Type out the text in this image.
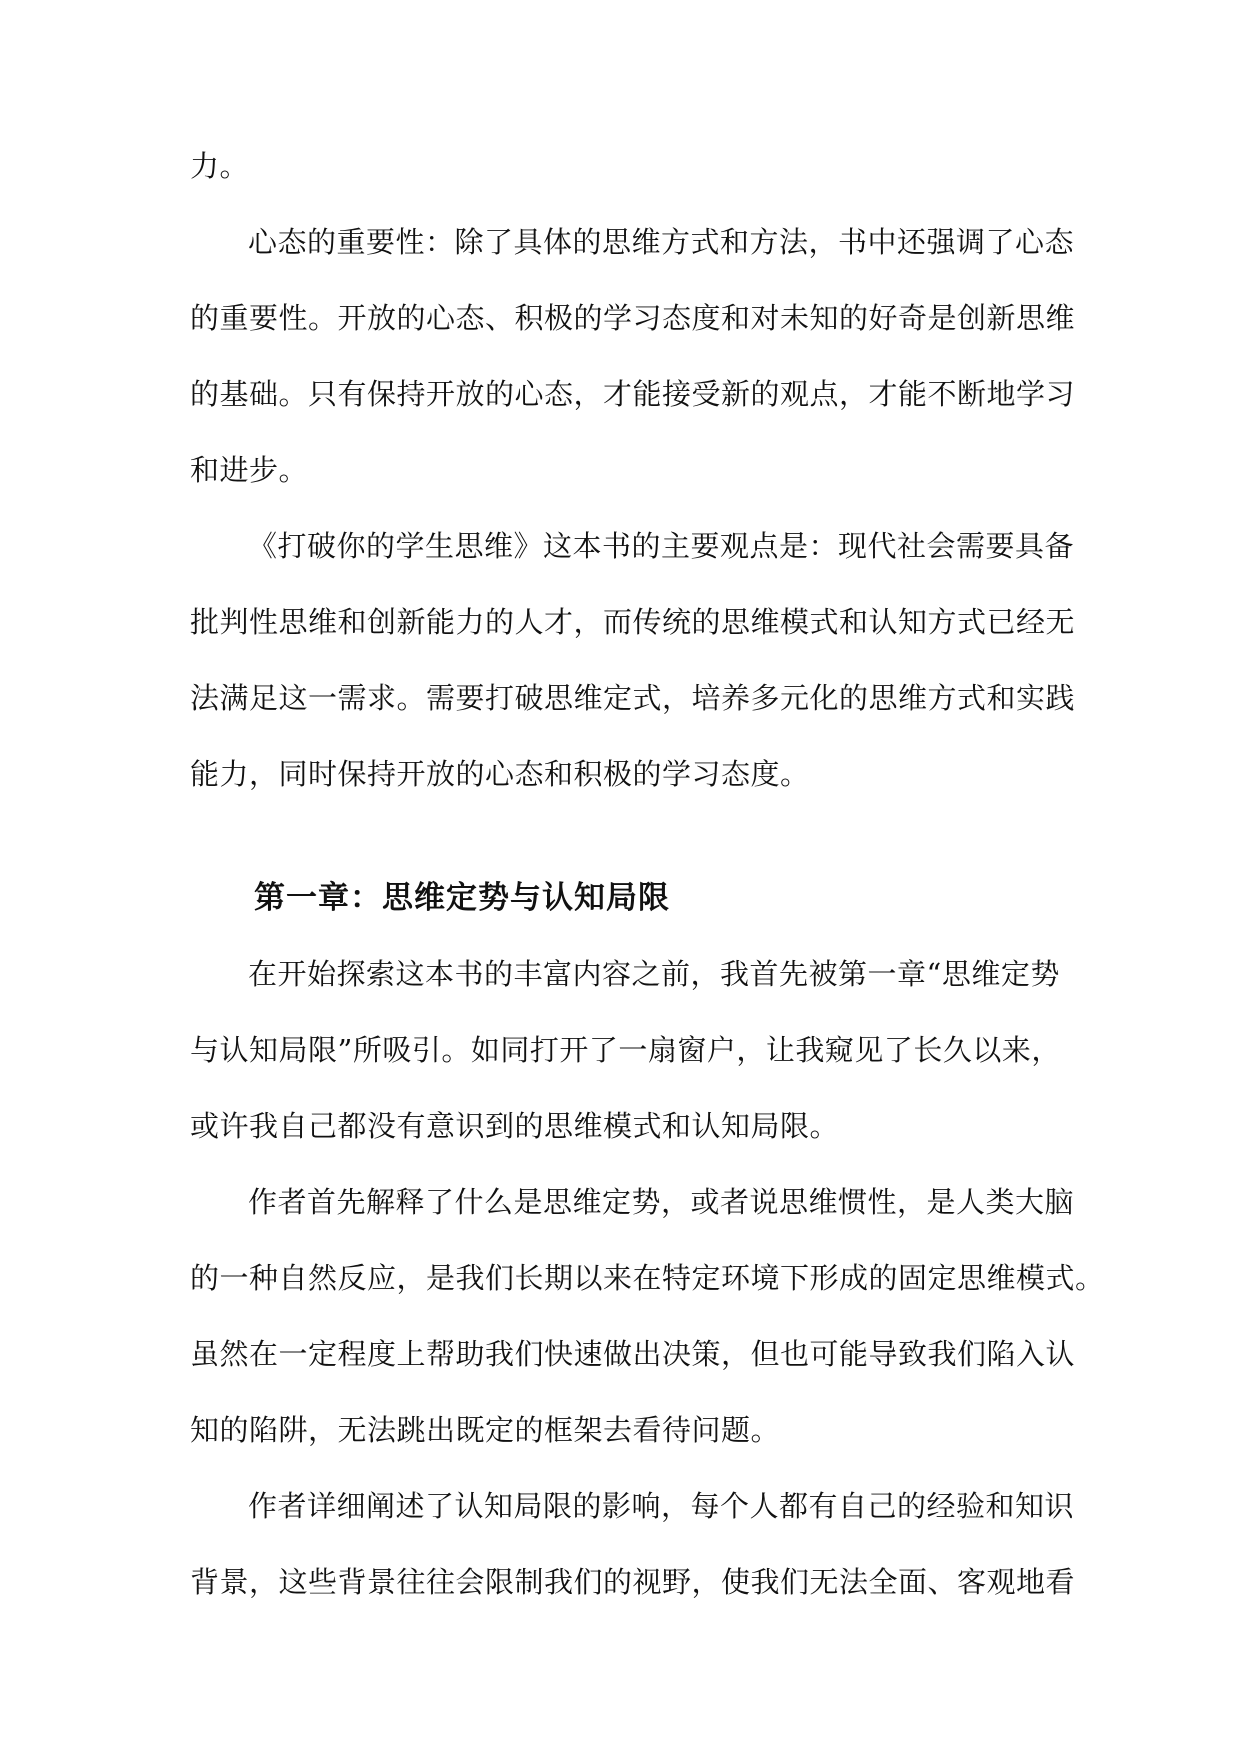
力。
心态的重要性：除了具体的思维方式和方法，书中还强调了心态
的重要性。开放的心态、积极的学习态度和对未知的好奇是创新思维
的基础。只有保持开放的心态，才能接受新的观点，才能不断地学习
和进步。
《打破你的学生思维》这本书的主要观点是：现代社会需要具备
批判性思维和创新能力的人才，而传统的思维模式和认知方式已经无
法满足这一需求。需要打破思维定式，培养多元化的思维方式和实践
能力，同时保持开放的心态和积极的学习态度。
第一章：思维定势与认知局限
在开始探索这本书的丰富内容之前，我首先被第一章“思维定势
与认知局限”所吸引。如同打开了一扇窗户，让我窥见了长久以来，
或许我自己都没有意识到的思维模式和认知局限。
作者首先解释了什么是思维定势，或者说思维惯性，是人类大脑
的一种自然反应，是我们长期以来在特定环境下形成的固定思维模式。
虽然在一定程度上帮助我们快速做出决策，但也可能导致我们陷入认
知的陷阱，无法跳出既定的框架去看待问题。
作者详细阐述了认知局限的影响，每个人都有自己的经验和知识
背景，这些背景往往会限制我们的视野，使我们无法全面、客观地看
